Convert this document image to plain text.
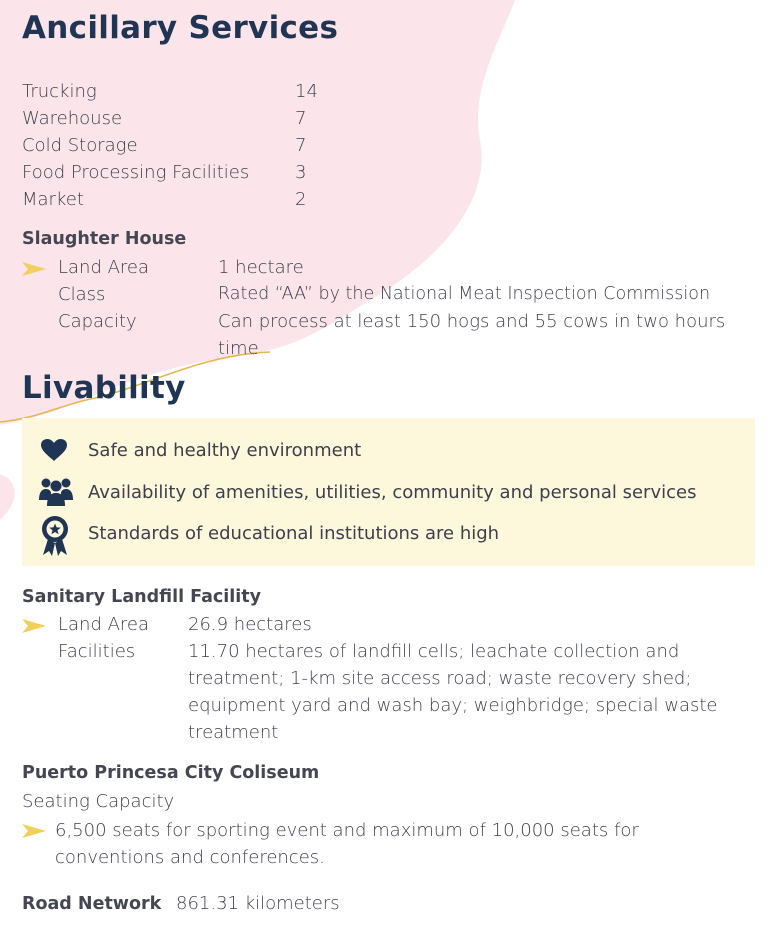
Ancillary Services
Trucking	14
Warehouse	7
Cold Storage	7
Food Processing Facilities	3
Market	2
Slaughter House
Land Area	1 hectare
Class	Rated “AA” by the National Meat Inspection Commission
Capacity	Can process at least 150 hogs and 55 cows in two hours time
Livability
Safe and healthy environment
Availability of amenities, utilities, community and personal services
Standards of educational institutions are high
Sanitary Landfill Facility
Land Area 26.9 hectares
Facilities	11.70 hectares of landfill cells; leachate collection and treatment; 1-km site access road; waste recovery shed; equipment yard and wash bay; weighbridge; special waste treatment
Puerto Princesa City Coliseum
Seating Capacity
6,500 seats for sporting event and maximum of 10,000 seats for conventions and conferences.
Road Network 861.31 kilometers
